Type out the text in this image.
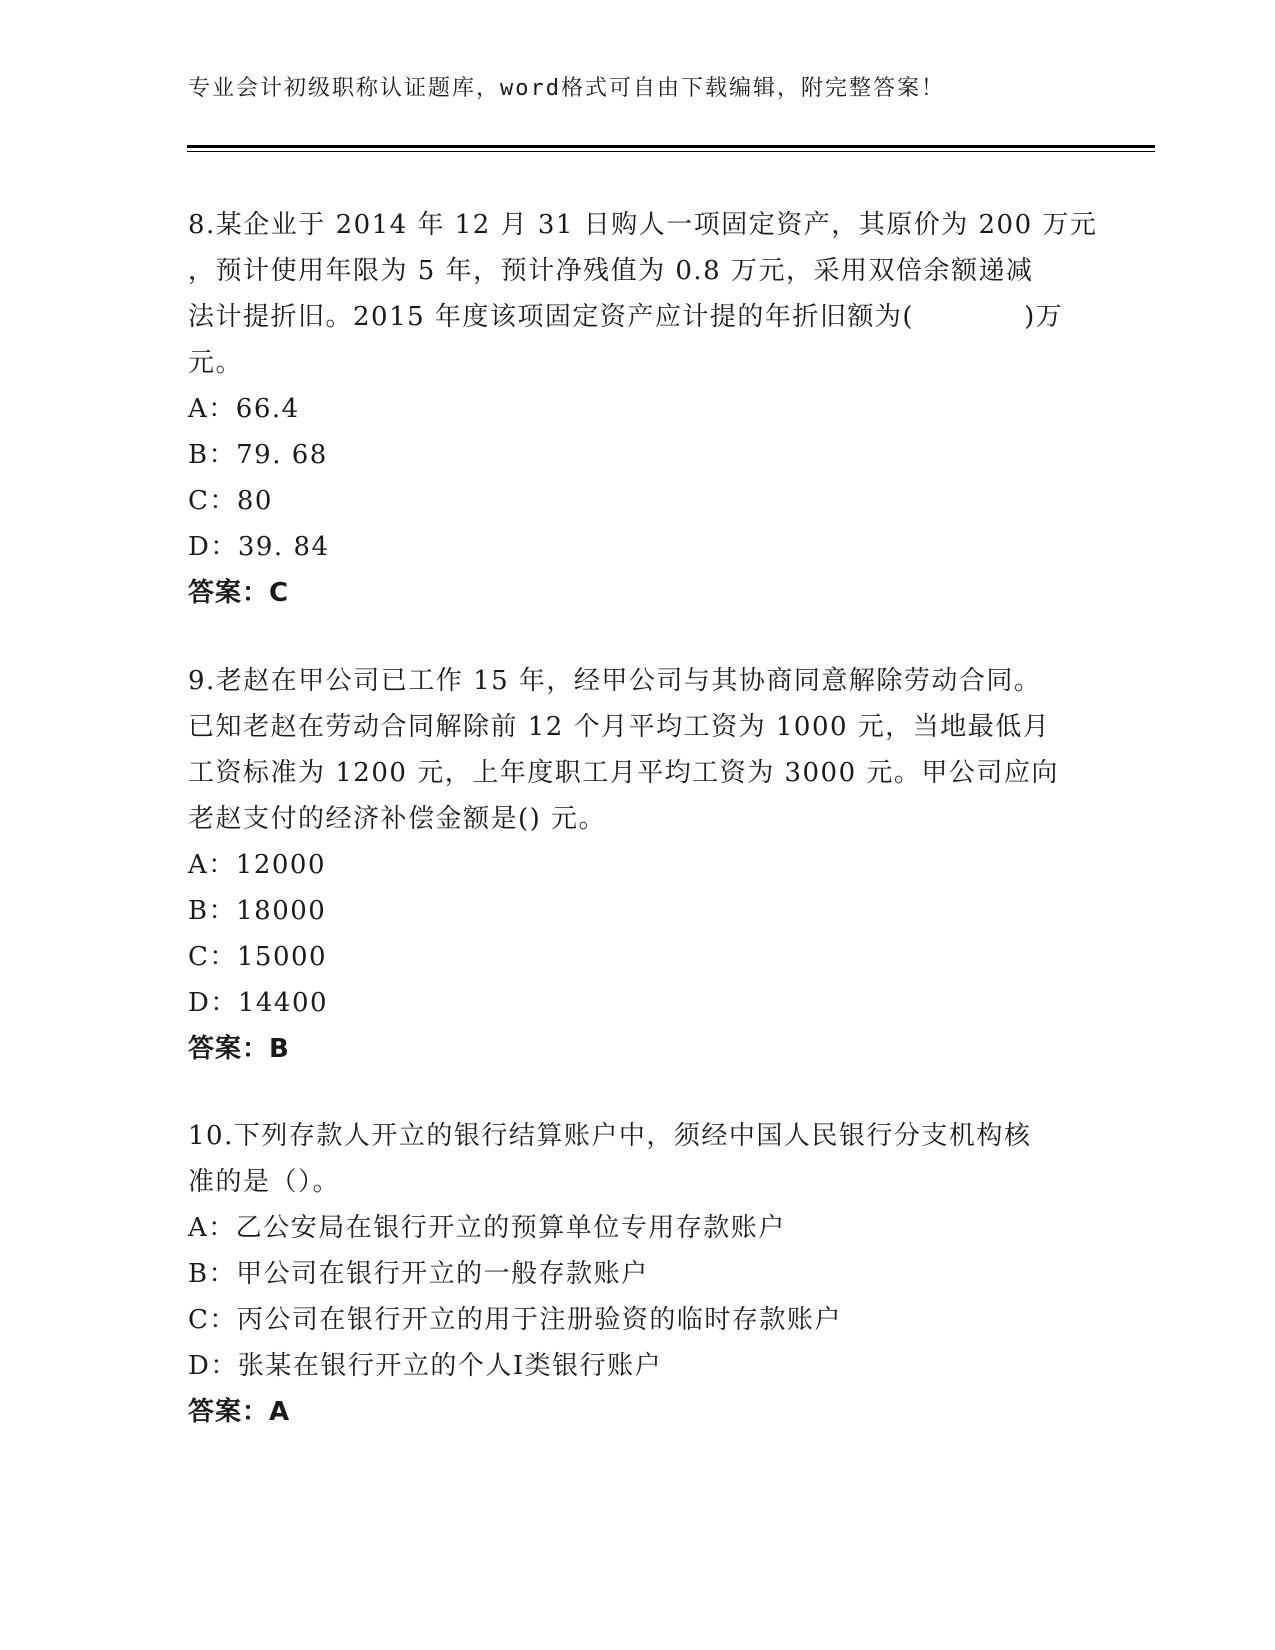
专业会计初级职称认证题库，word格式可自由下载编辑，附完整答案！
8.某企业于 2014 年 12 月 31 日购人一项固定资产，其原价为 200 万元
，预计使用年限为 5 年，预计净残值为 0.8 万元，采用双倍余额递减
法计提折旧。2015 年度该项固定资产应计提的年折旧额为(　　　　)万
元。
A：66.4
B：79. 68
C：80
D：39. 84
答案：C
9.老赵在甲公司已工作 15 年，经甲公司与其协商同意解除劳动合同。
已知老赵在劳动合同解除前 12 个月平均工资为 1000 元，当地最低月
工资标准为 1200 元，上年度职工月平均工资为 3000 元。甲公司应向
老赵支付的经济补偿金额是() 元。
A：12000
B：18000
C：15000
D：14400
答案：B
10.下列存款人开立的银行结算账户中，须经中国人民银行分支机构核
准的是（）。
A：乙公安局在银行开立的预算单位专用存款账户
B：甲公司在银行开立的一般存款账户
C：丙公司在银行开立的用于注册验资的临时存款账户
D：张某在银行开立的个人Ⅰ类银行账户
答案：A
